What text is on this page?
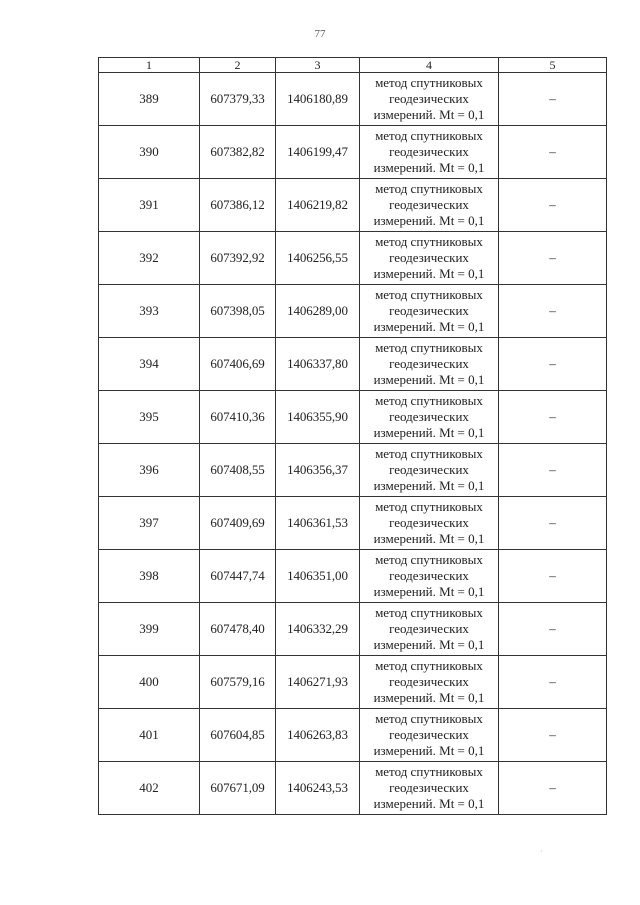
77
1	2	3	4	5
389	607379,33	1406180,89	метод спутниковых
геодезических
измерений. Mt = 0,1	–
390	607382,82	1406199,47	метод спутниковых
геодезических
измерений. Mt = 0,1	–
391	607386,12	1406219,82	метод спутниковых
геодезических
измерений. Mt = 0,1	–
392	607392,92	1406256,55	метод спутниковых
геодезических
измерений. Mt = 0,1	–
393	607398,05	1406289,00	метод спутниковых
геодезических
измерений. Mt = 0,1	–
394	607406,69	1406337,80	метод спутниковых
геодезических
измерений. Mt = 0,1	–
395	607410,36	1406355,90	метод спутниковых
геодезических
измерений. Mt = 0,1	–
396	607408,55	1406356,37	метод спутниковых
геодезических
измерений. Mt = 0,1	–
397	607409,69	1406361,53	метод спутниковых
геодезических
измерений. Mt = 0,1	–
398	607447,74	1406351,00	метод спутниковых
геодезических
измерений. Mt = 0,1	–
399	607478,40	1406332,29	метод спутниковых
геодезических
измерений. Mt = 0,1	–
400	607579,16	1406271,93	метод спутниковых
геодезических
измерений. Mt = 0,1	–
401	607604,85	1406263,83	метод спутниковых
геодезических
измерений. Mt = 0,1	–
402	607671,09	1406243,53	метод спутниковых
геодезических
измерений. Mt = 0,1	–
·
